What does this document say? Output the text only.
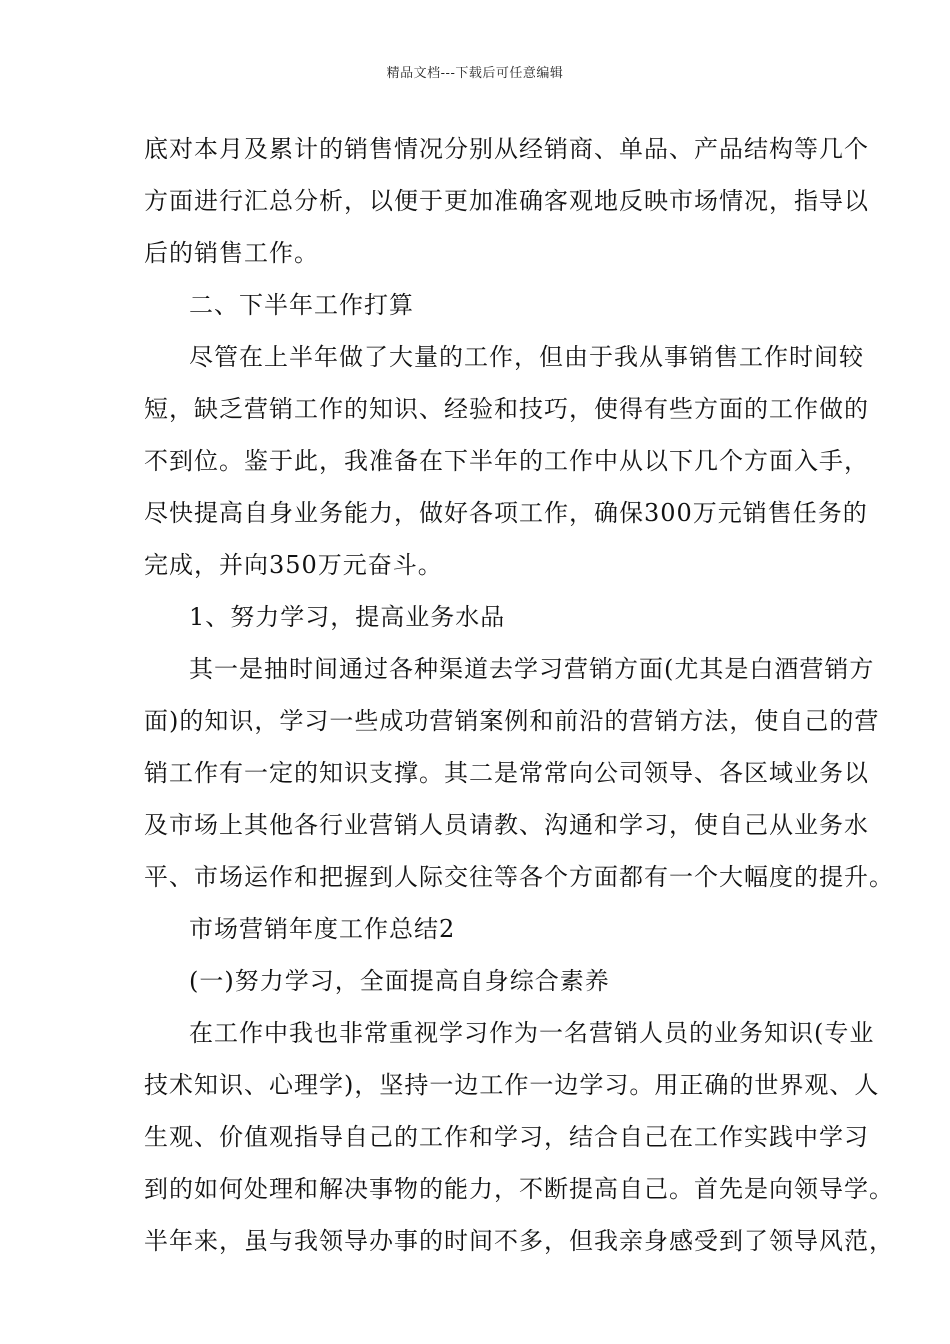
精品文档---下载后可任意编辑
底对本月及累计的销售情况分别从经销商、单品、产品结构等几个
方面进行汇总分析，以便于更加准确客观地反映市场情况，指导以
后的销售工作。
二、下半年工作打算
尽管在上半年做了大量的工作，但由于我从事销售工作时间较
短，缺乏营销工作的知识、经验和技巧，使得有些方面的工作做的
不到位。鉴于此，我准备在下半年的工作中从以下几个方面入手，
尽快提高自身业务能力，做好各项工作，确保300万元销售任务的
完成，并向350万元奋斗。
1、努力学习，提高业务水品
其一是抽时间通过各种渠道去学习营销方面(尤其是白酒营销方
面)的知识，学习一些成功营销案例和前沿的营销方法，使自己的营
销工作有一定的知识支撑。其二是常常向公司领导、各区域业务以
及市场上其他各行业营销人员请教、沟通和学习，使自己从业务水
平、市场运作和把握到人际交往等各个方面都有一个大幅度的提升。
市场营销年度工作总结2
(一)努力学习，全面提高自身综合素养
在工作中我也非常重视学习作为一名营销人员的业务知识(专业
技术知识、心理学)，坚持一边工作一边学习。用正确的世界观、人
生观、价值观指导自己的工作和学习，结合自己在工作实践中学习
到的如何处理和解决事物的能力，不断提高自己。首先是向领导学。
半年来，虽与我领导办事的时间不多，但我亲身感受到了领导风范，
